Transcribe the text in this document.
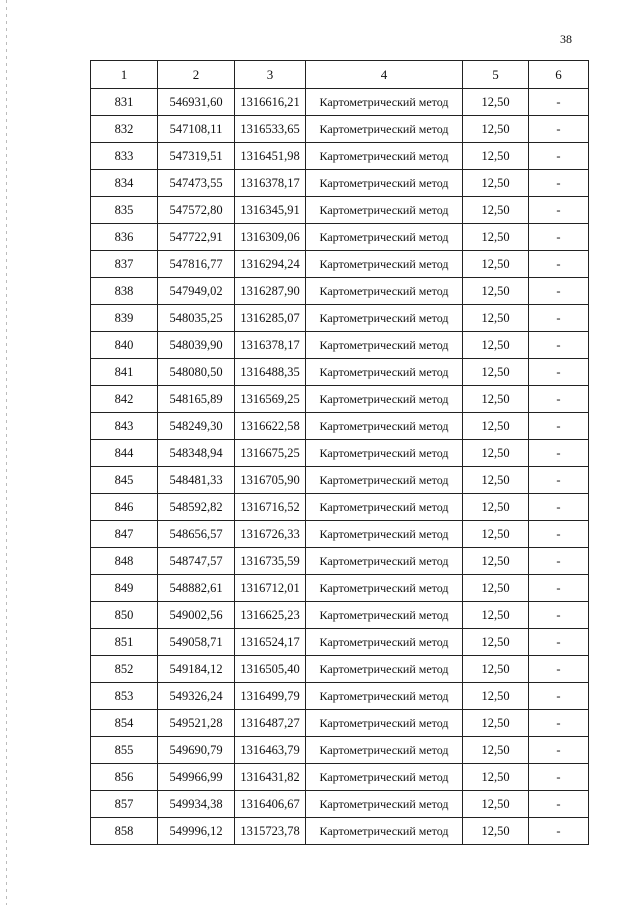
38
1	2	3	4	5	6
831	546931,60	1316616,21	Картометрический метод	12,50	-
832	547108,11	1316533,65	Картометрический метод	12,50	-
833	547319,51	1316451,98	Картометрический метод	12,50	-
834	547473,55	1316378,17	Картометрический метод	12,50	-
835	547572,80	1316345,91	Картометрический метод	12,50	-
836	547722,91	1316309,06	Картометрический метод	12,50	-
837	547816,77	1316294,24	Картометрический метод	12,50	-
838	547949,02	1316287,90	Картометрический метод	12,50	-
839	548035,25	1316285,07	Картометрический метод	12,50	-
840	548039,90	1316378,17	Картометрический метод	12,50	-
841	548080,50	1316488,35	Картометрический метод	12,50	-
842	548165,89	1316569,25	Картометрический метод	12,50	-
843	548249,30	1316622,58	Картометрический метод	12,50	-
844	548348,94	1316675,25	Картометрический метод	12,50	-
845	548481,33	1316705,90	Картометрический метод	12,50	-
846	548592,82	1316716,52	Картометрический метод	12,50	-
847	548656,57	1316726,33	Картометрический метод	12,50	-
848	548747,57	1316735,59	Картометрический метод	12,50	-
849	548882,61	1316712,01	Картометрический метод	12,50	-
850	549002,56	1316625,23	Картометрический метод	12,50	-
851	549058,71	1316524,17	Картометрический метод	12,50	-
852	549184,12	1316505,40	Картометрический метод	12,50	-
853	549326,24	1316499,79	Картометрический метод	12,50	-
854	549521,28	1316487,27	Картометрический метод	12,50	-
855	549690,79	1316463,79	Картометрический метод	12,50	-
856	549966,99	1316431,82	Картометрический метод	12,50	-
857	549934,38	1316406,67	Картометрический метод	12,50	-
858	549996,12	1315723,78	Картометрический метод	12,50	-
